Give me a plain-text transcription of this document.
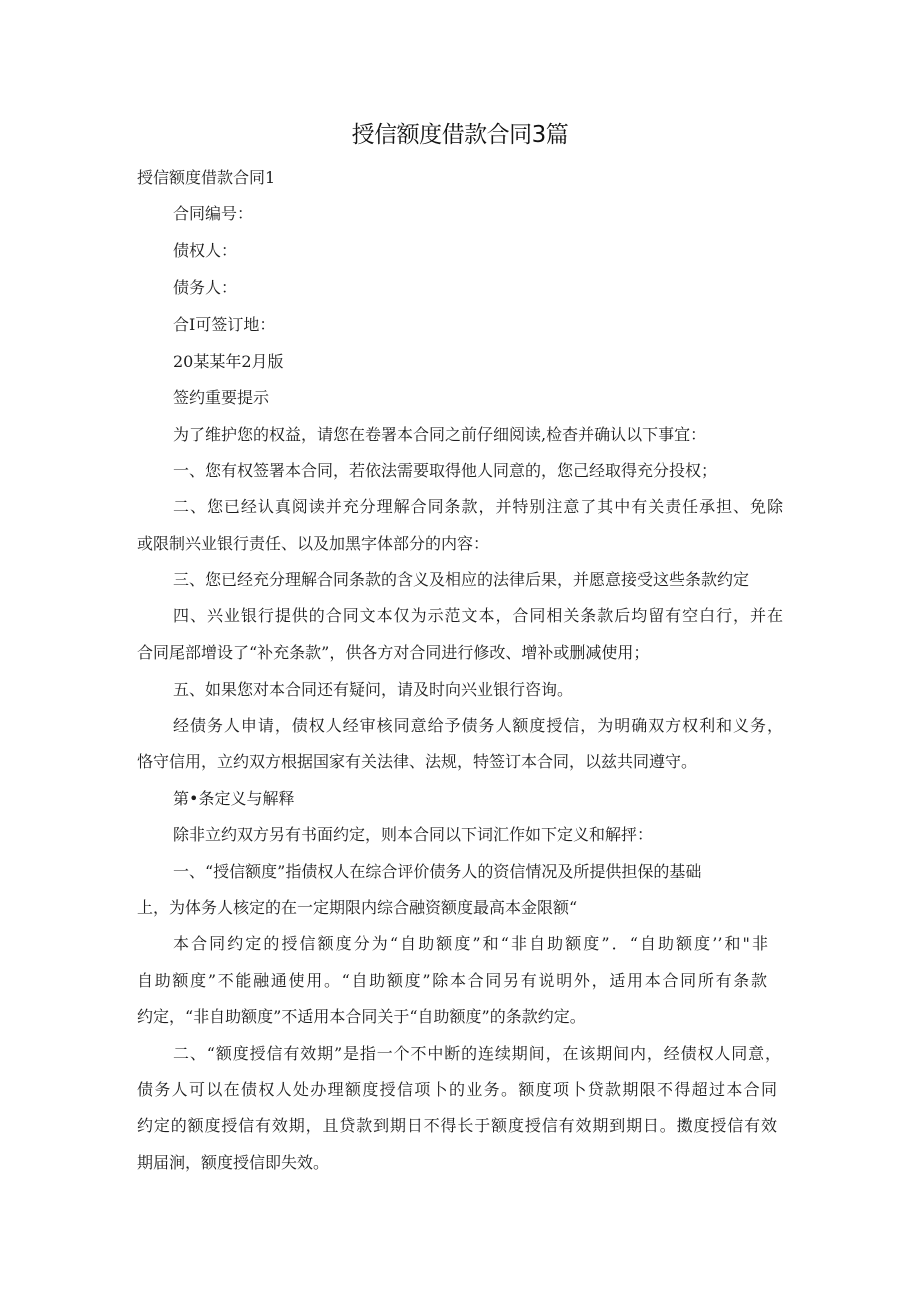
授信额度借款合同3篇
授信额度借款合同1
合同编号：
债权人：
债务人：
合I可签订地：
20某某年2月版
签约重要提示
为了维护您的权益，请您在卷署本合同之前仔细阅读,检杳并确认以下事宜：
一、您有权签署本合同，若依法需要取得他人同意的，您己经取得充分投权；
二、您已经认真阅读并充分理解合同条款，并特别注意了其中有关责任承担、免除
或限制兴业银行责任、以及加黑字体部分的内容：
三、您已经充分理解合同条款的含义及相应的法律后果，并愿意接受这些条款约定
四、兴业银行提供的合同文本仅为示范文本，合同相关条款后均留有空白行，并在
合同尾部增设了“补充条款”，供各方对合同进行修改、增补或删减使用；
五、如果您对本合同还有疑问，请及时向兴业银行咨询。
经债务人申请，债权人经审核同意给予债务人额度授信，为明确双方权利和义务，
恪守信用，立约双方根据国家有关法律、法规，特签订本合同，以兹共同遵守。
第•条定义与解释
除非立约双方另有书面约定，则本合同以下词汇作如下定义和解抨：
一、“授信额度”指债权人在综合评价债务人的资信情况及所提供担保的基础
上，为体务人核定的在一定期限内综合融资额度最高本金限额“
本合同约定的授信额度分为“自助额度”和“非自助额度”．“自助额度’’和"非
自助额度”不能融通使用。“自助额度”除本合同另有说明外，适用本合同所有条款
约定，“非自助额度”不适用本合同关于“自助额度”的条款约定。
二、“额度授信有效期”是指一个不中断的连续期间，在该期间内，经债权人同意，
债务人可以在债权人处办理额度授信项卜的业务。额度项卜贷款期限不得超过本合同
约定的额度授信有效期，且贷款到期日不得长于额度授信有效期到期日。擞度授信有效
期届涧，额度授信即失效。
